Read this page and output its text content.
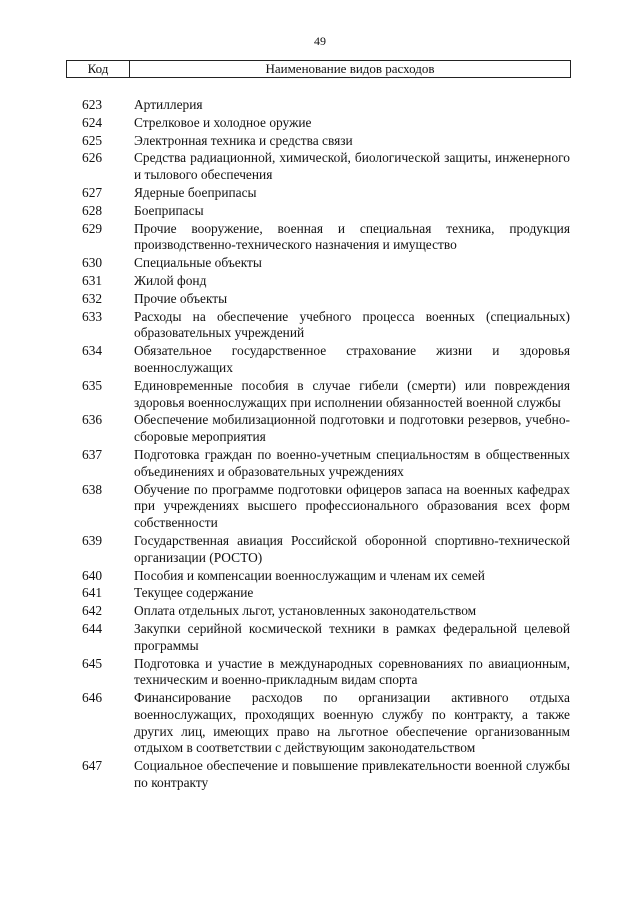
49
Код	Наименование видов расходов
623	Артиллерия
624	Стрелковое и холодное оружие
625	Электронная техника и средства связи
626	Средства радиационной, химической, биологической защиты, инженерного и тылового обеспечения
627	Ядерные боеприпасы
628	Боеприпасы
629	Прочие вооружение, военная и специальная техника, продукция производственно-технического назначения и имущество
630	Специальные объекты
631	Жилой фонд
632	Прочие объекты
633	Расходы на обеспечение учебного процесса военных (специальных) образовательных учреждений
634	Обязательное государственное страхование жизни и здоровья военнослужащих
635	Единовременные пособия в случае гибели (смерти) или повреждения здоровья военнослужащих при исполнении обязанностей военной службы
636	Обеспечение мобилизационной подготовки и подготовки резервов, учебно-сборовые мероприятия
637	Подготовка граждан по военно-учетным специальностям в общественных объединениях и образовательных учреждениях
638	Обучение по программе подготовки офицеров запаса на военных кафедрах при учреждениях высшего профессионального образования всех форм собственности
639	Государственная авиация Российской оборонной спортивно-технической организации (РОСТО)
640	Пособия и компенсации военнослужащим и членам их семей
641	Текущее содержание
642	Оплата отдельных льгот, установленных законодательством
644	Закупки серийной космической техники в рамках федеральной целевой программы
645	Подготовка и участие в международных соревнованиях по авиационным, техническим и военно-прикладным видам спорта
646	Финансирование расходов по организации активного отдыха военнослужащих, проходящих военную службу по контракту, а также других лиц, имеющих право на льготное обеспечение организованным отдыхом в соответствии с действующим законодательством
647	Социальное обеспечение и повышение привлекательности военной службы по контракту
